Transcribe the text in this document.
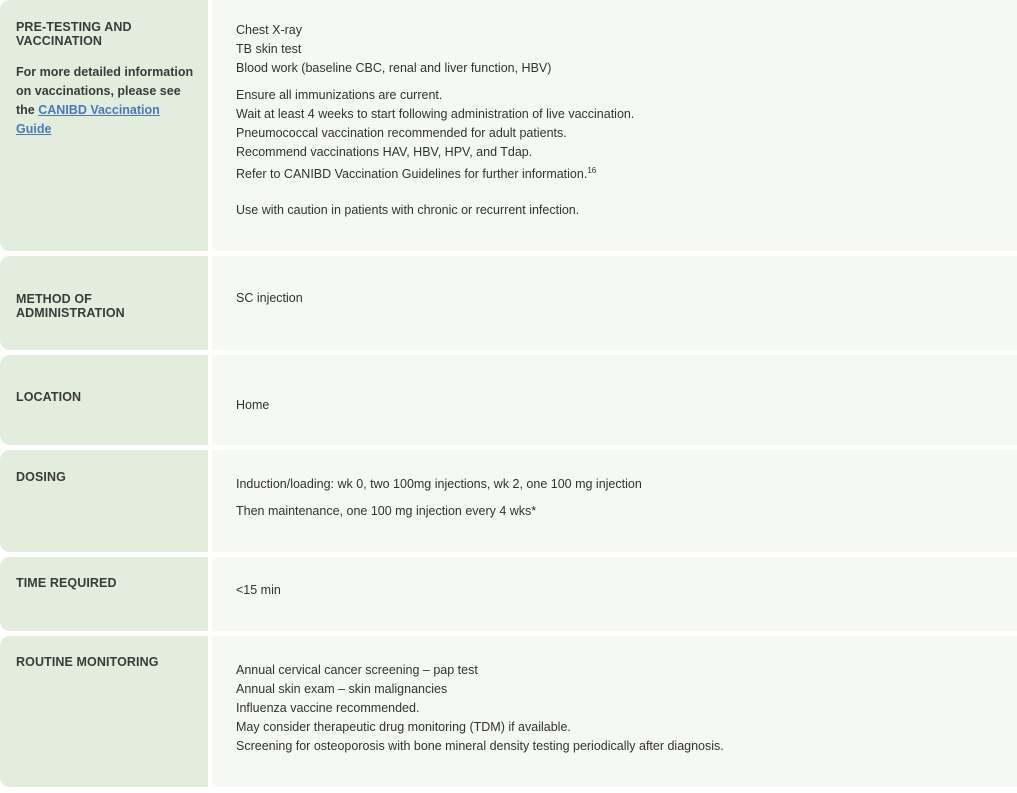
PRE-TESTING AND VACCINATION
For more detailed information on vaccinations, please see the CANIBD Vaccination Guide
Chest X-ray
TB skin test
Blood work (baseline CBC, renal and liver function, HBV)
Ensure all immunizations are current.
Wait at least 4 weeks to start following administration of live vaccination.
Pneumococcal vaccination recommended for adult patients.
Recommend vaccinations HAV, HBV, HPV, and Tdap.
Refer to CANIBD Vaccination Guidelines for further information.$^{16}$
Use with caution in patients with chronic or recurrent infection.
METHOD OF ADMINISTRATION
SC injection
LOCATION
Home
DOSING	Induction/loading: wk 0, two 100mg injections, wk 2, one 100 mg injection
Then maintenance, one 100 mg injection every 4 wks*
TIME REQUIRED	<15 min
ROUTINE MONITORING
Annual cervical cancer screening – pap test
Annual skin exam – skin malignancies
Influenza vaccine recommended.
May consider therapeutic drug monitoring (TDM) if available.
Screening for osteoporosis with bone mineral density testing periodically after diagnosis.
